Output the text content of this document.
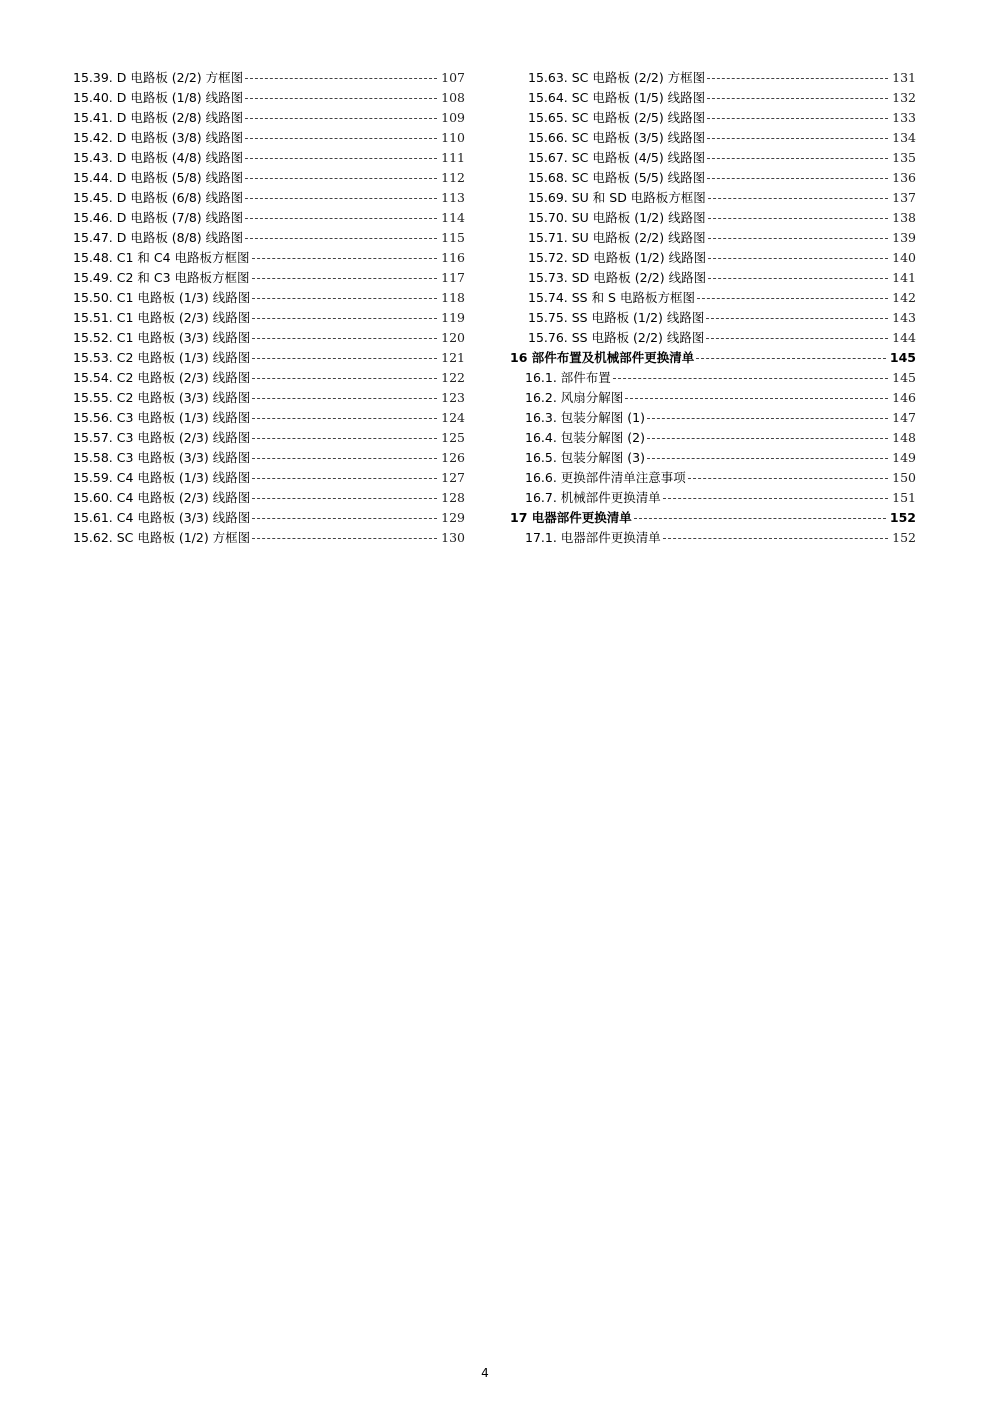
15.39. D 电路板 (2/2) 方框图	107
15.40. D 电路板 (1/8) 线路图	108
15.41. D 电路板 (2/8) 线路图	109
15.42. D 电路板 (3/8) 线路图	110
15.43. D 电路板 (4/8) 线路图	111
15.44. D 电路板 (5/8) 线路图	112
15.45. D 电路板 (6/8) 线路图	113
15.46. D 电路板 (7/8) 线路图	114
15.47. D 电路板 (8/8) 线路图	115
15.48. C1 和 C4 电路板方框图	116
15.49. C2 和 C3 电路板方框图	117
15.50. C1 电路板 (1/3) 线路图	118
15.51. C1 电路板 (2/3) 线路图	119
15.52. C1 电路板 (3/3) 线路图	120
15.53. C2 电路板 (1/3) 线路图	121
15.54. C2 电路板 (2/3) 线路图	122
15.55. C2 电路板 (3/3) 线路图	123
15.56. C3 电路板 (1/3) 线路图	124
15.57. C3 电路板 (2/3) 线路图	125
15.58. C3 电路板 (3/3) 线路图	126
15.59. C4 电路板 (1/3) 线路图	127
15.60. C4 电路板 (2/3) 线路图	128
15.61. C4 电路板 (3/3) 线路图	129
15.62. SC 电路板 (1/2) 方框图	130
15.63. SC 电路板 (2/2) 方框图	131
15.64. SC 电路板 (1/5) 线路图	132
15.65. SC 电路板 (2/5) 线路图	133
15.66. SC 电路板 (3/5) 线路图	134
15.67. SC 电路板 (4/5) 线路图	135
15.68. SC 电路板 (5/5) 线路图	136
15.69. SU 和 SD 电路板方框图	137
15.70. SU 电路板 (1/2) 线路图	138
15.71. SU 电路板 (2/2) 线路图	139
15.72. SD 电路板 (1/2) 线路图	140
15.73. SD 电路板 (2/2) 线路图	141
15.74. SS 和 S 电路板方框图	142
15.75. SS 电路板 (1/2) 线路图	143
15.76. SS 电路板 (2/2) 线路图	144
16 部件布置及机械部件更换清单	145
16.1. 部件布置	145
16.2. 风扇分解图	146
16.3. 包装分解图 (1)	147
16.4. 包装分解图 (2)	148
16.5. 包装分解图 (3)	149
16.6. 更换部件清单注意事项	150
16.7. 机械部件更换清单	151
17 电器部件更换清单	152
17.1. 电器部件更换清单	152
4
